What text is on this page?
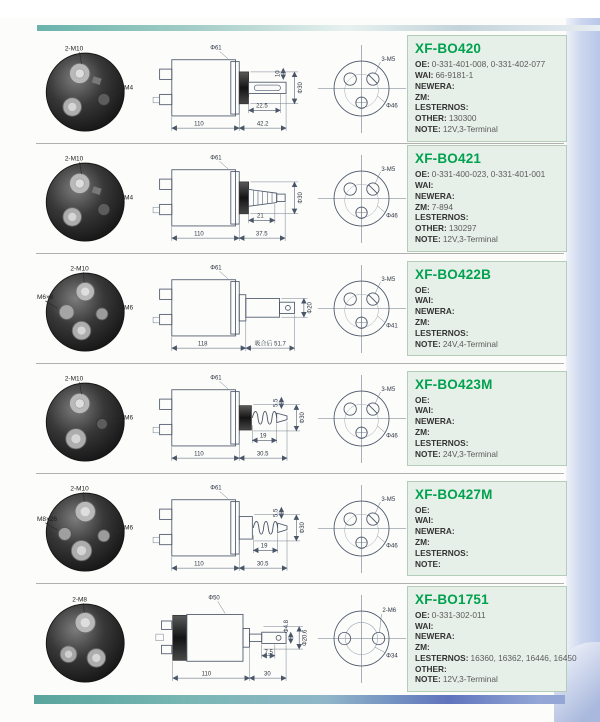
2-M10
M4
Φ61
10
22.5
110	42.2
Φ30
3-M5
Φ46
XF-BO420
OE: 0-331-401-008, 0-331-402-077
WAI: 66-9181-1
NEWERA:
ZM:
LESTERNOS:
OTHER: 130300
NOTE: 12V,3-Terminal
2-M10
M4
Φ61
21
110	37.5
Φ30
3-M5
Φ46
XF-BO421
OE: 0-331-400-023, 0-331-401-001
WAI:
NEWERA:
ZM: 7-894
LESTERNOS:
OTHER: 130297
NOTE: 12V,3-Terminal
2-M10
M6
M6×8
Φ61
118	吸合后 51.7
Φ20
3-M5
Φ41
XF-BO422B
OE:
WAI:
NEWERA:
ZM:
LESTERNOS:
NOTE: 24V,4-Terminal
2-M10
M6
Φ61
5.5
19
110	30.5
Φ30
3-M5
Φ46
XF-BO423M
OE:
WAI:
NEWERA:
ZM:
LESTERNOS:
NOTE: 24V,3-Terminal
2-M10
M6
M8×26
Φ61
5.5
19
110	30.5
Φ30
3-M5
Φ46
XF-BO427M
OE:
WAI:
NEWERA:
ZM:
LESTERNOS:
NOTE:
2-M8	Φ50
Φ4.8
Φ20.6
7.5
110	30
2-M6
Φ34
XF-BO1751
OE: 0-331-302-011
WAI:
NEWERA:
ZM:
LESTERNOS: 16360, 16362, 16446, 16450
OTHER:
NOTE: 12V,3-Terminal
